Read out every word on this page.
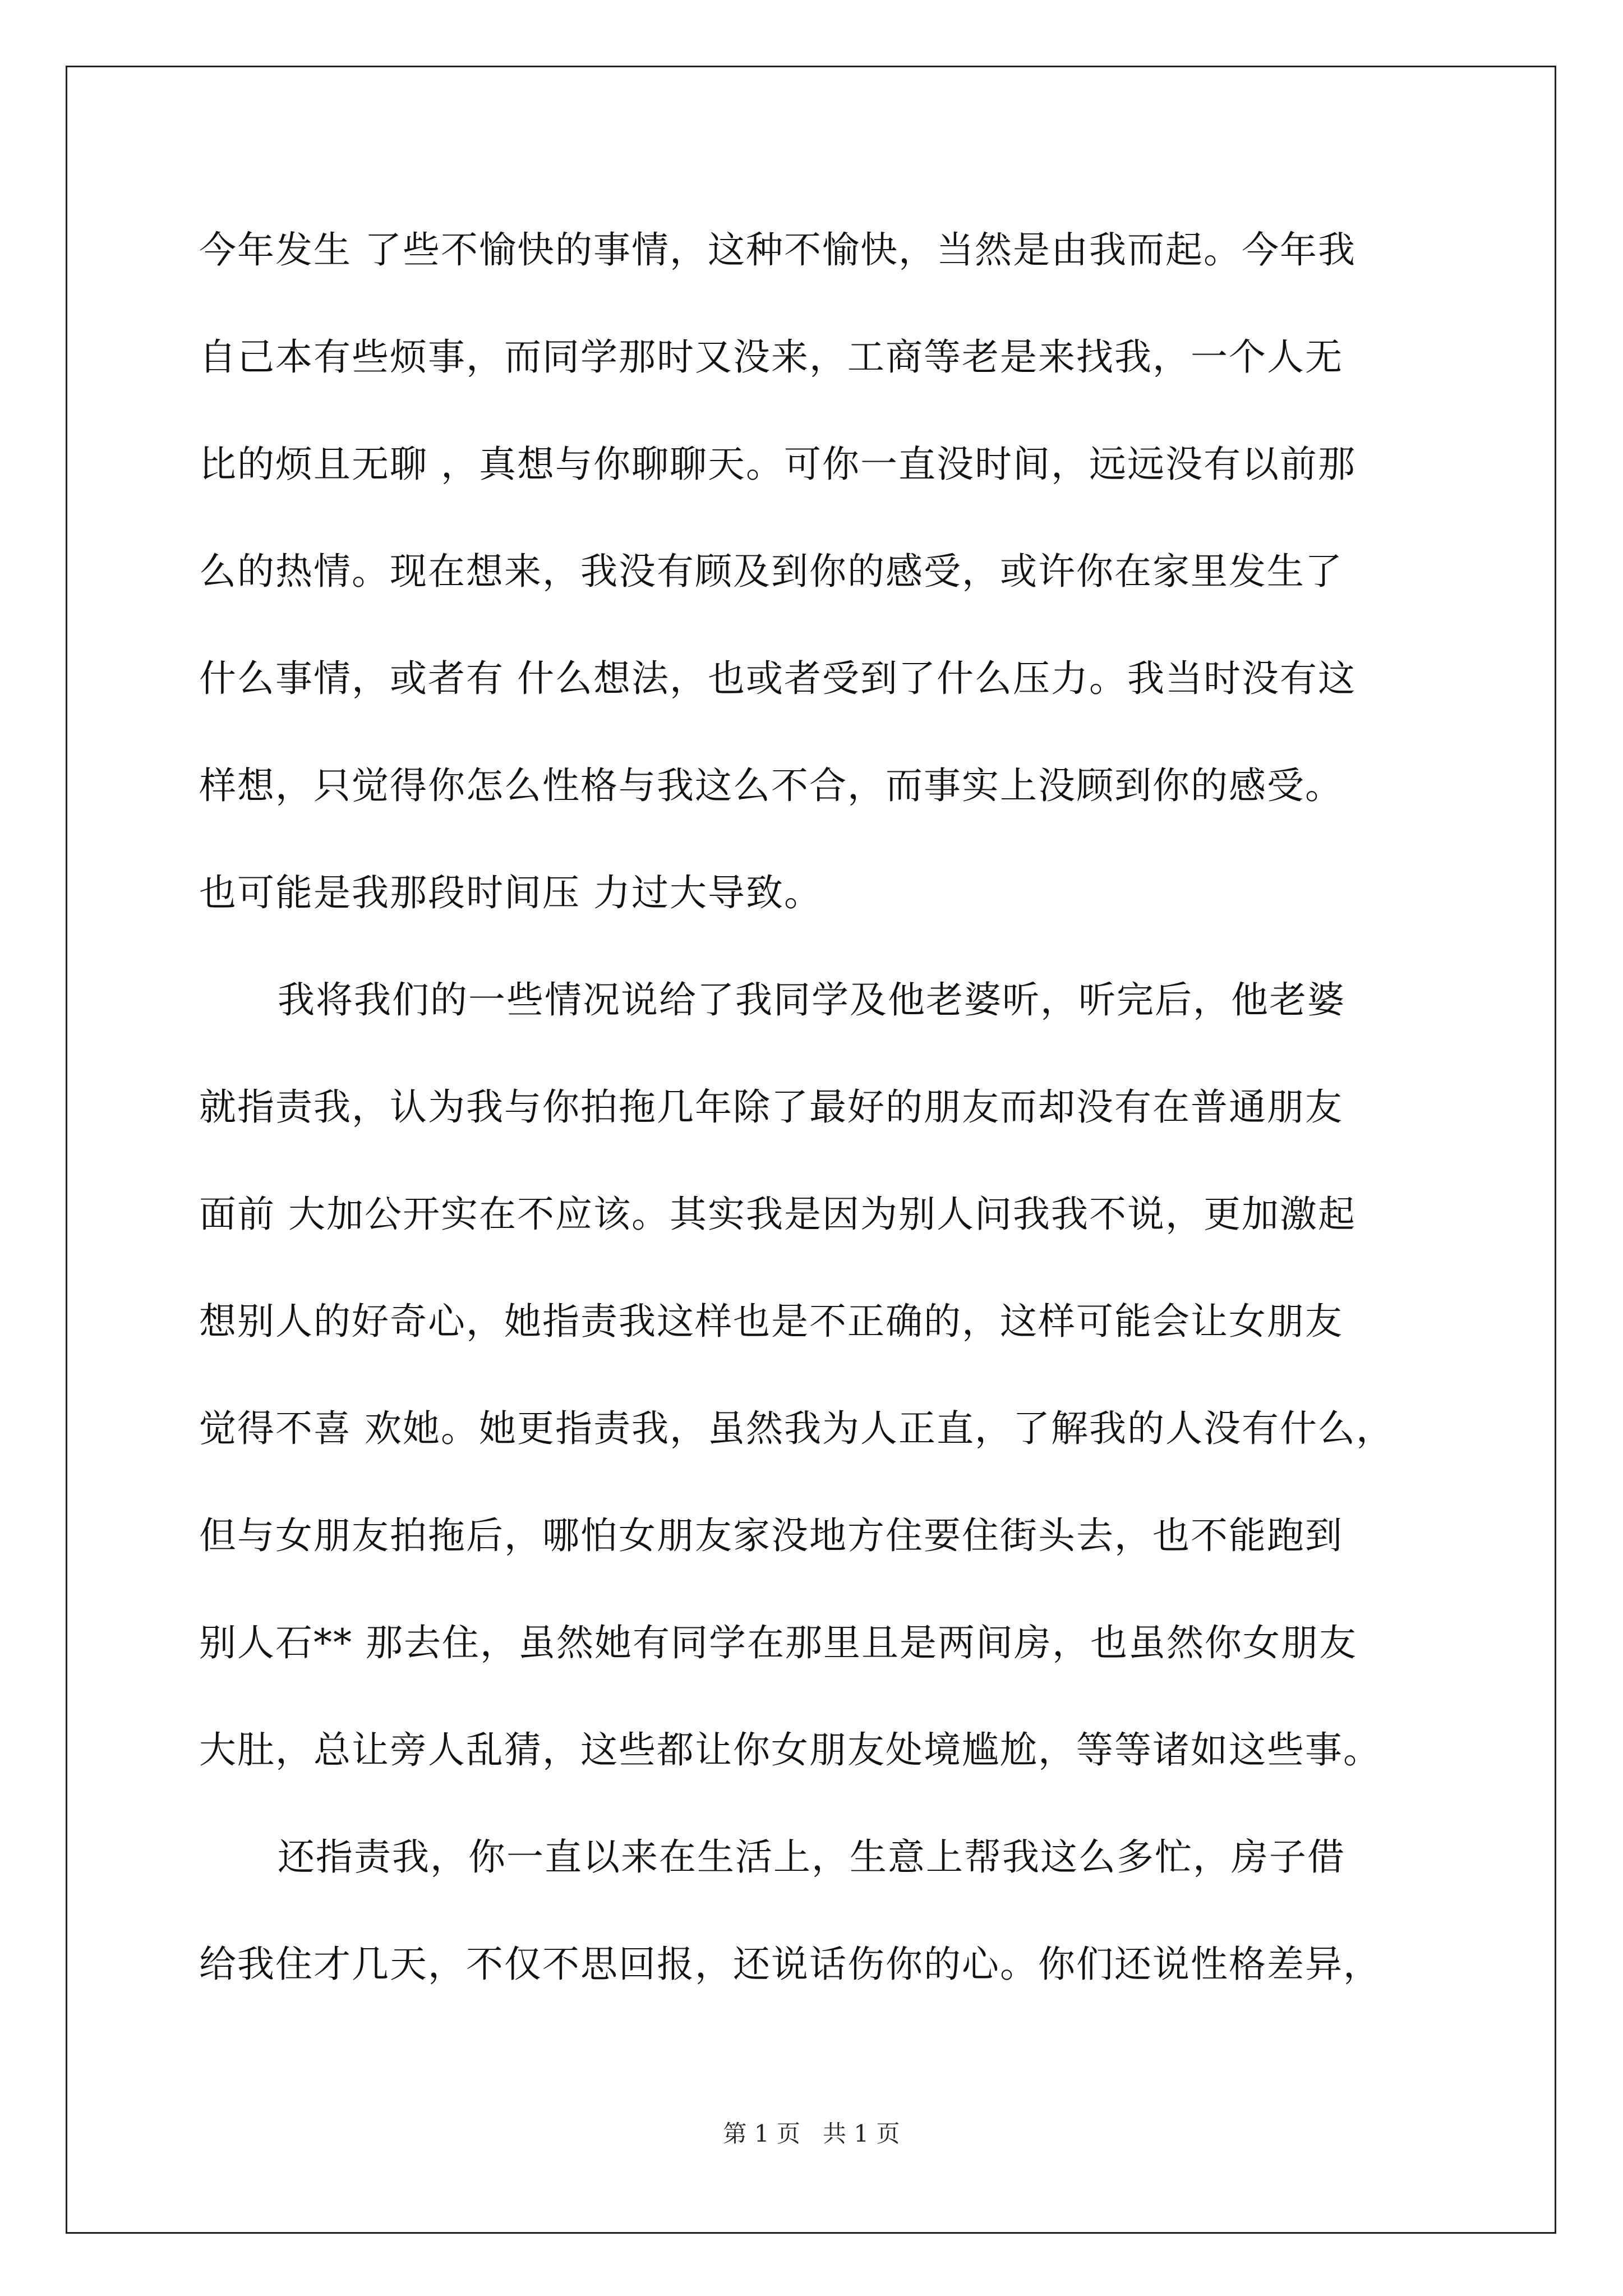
今年发生 了些不愉快的事情，这种不愉快，当然是由我而起。今年我
自己本有些烦事，而同学那时又没来，工商等老是来找我，一个人无
比的烦且无聊 ，真想与你聊聊天。可你一直没时间，远远没有以前那
么的热情。现在想来，我没有顾及到你的感受，或许你在家里发生了
什么事情，或者有 什么想法，也或者受到了什么压力。我当时没有这
样想，只觉得你怎么性格与我这么不合，而事实上没顾到你的感受。
也可能是我那段时间压 力过大导致。
我将我们的一些情况说给了我同学及他老婆听，听完后，他老婆
就指责我，认为我与你拍拖几年除了最好的朋友而却没有在普通朋友
面前 大加公开实在不应该。其实我是因为别人问我我不说，更加激起
想别人的好奇心，她指责我这样也是不正确的，这样可能会让女朋友
觉得不喜 欢她。她更指责我，虽然我为人正直，了解我的人没有什么，
但与女朋友拍拖后，哪怕女朋友家没地方住要住街头去，也不能跑到
别人石** 那去住，虽然她有同学在那里且是两间房，也虽然你女朋友
大肚，总让旁人乱猜，这些都让你女朋友处境尴尬，等等诸如这些事。
还指责我，你一直以来在生活上，生意上帮我这么多忙，房子借
给我住才几天，不仅不思回报，还说话伤你的心。你们还说性格差异，
第 1 页   共 1 页
